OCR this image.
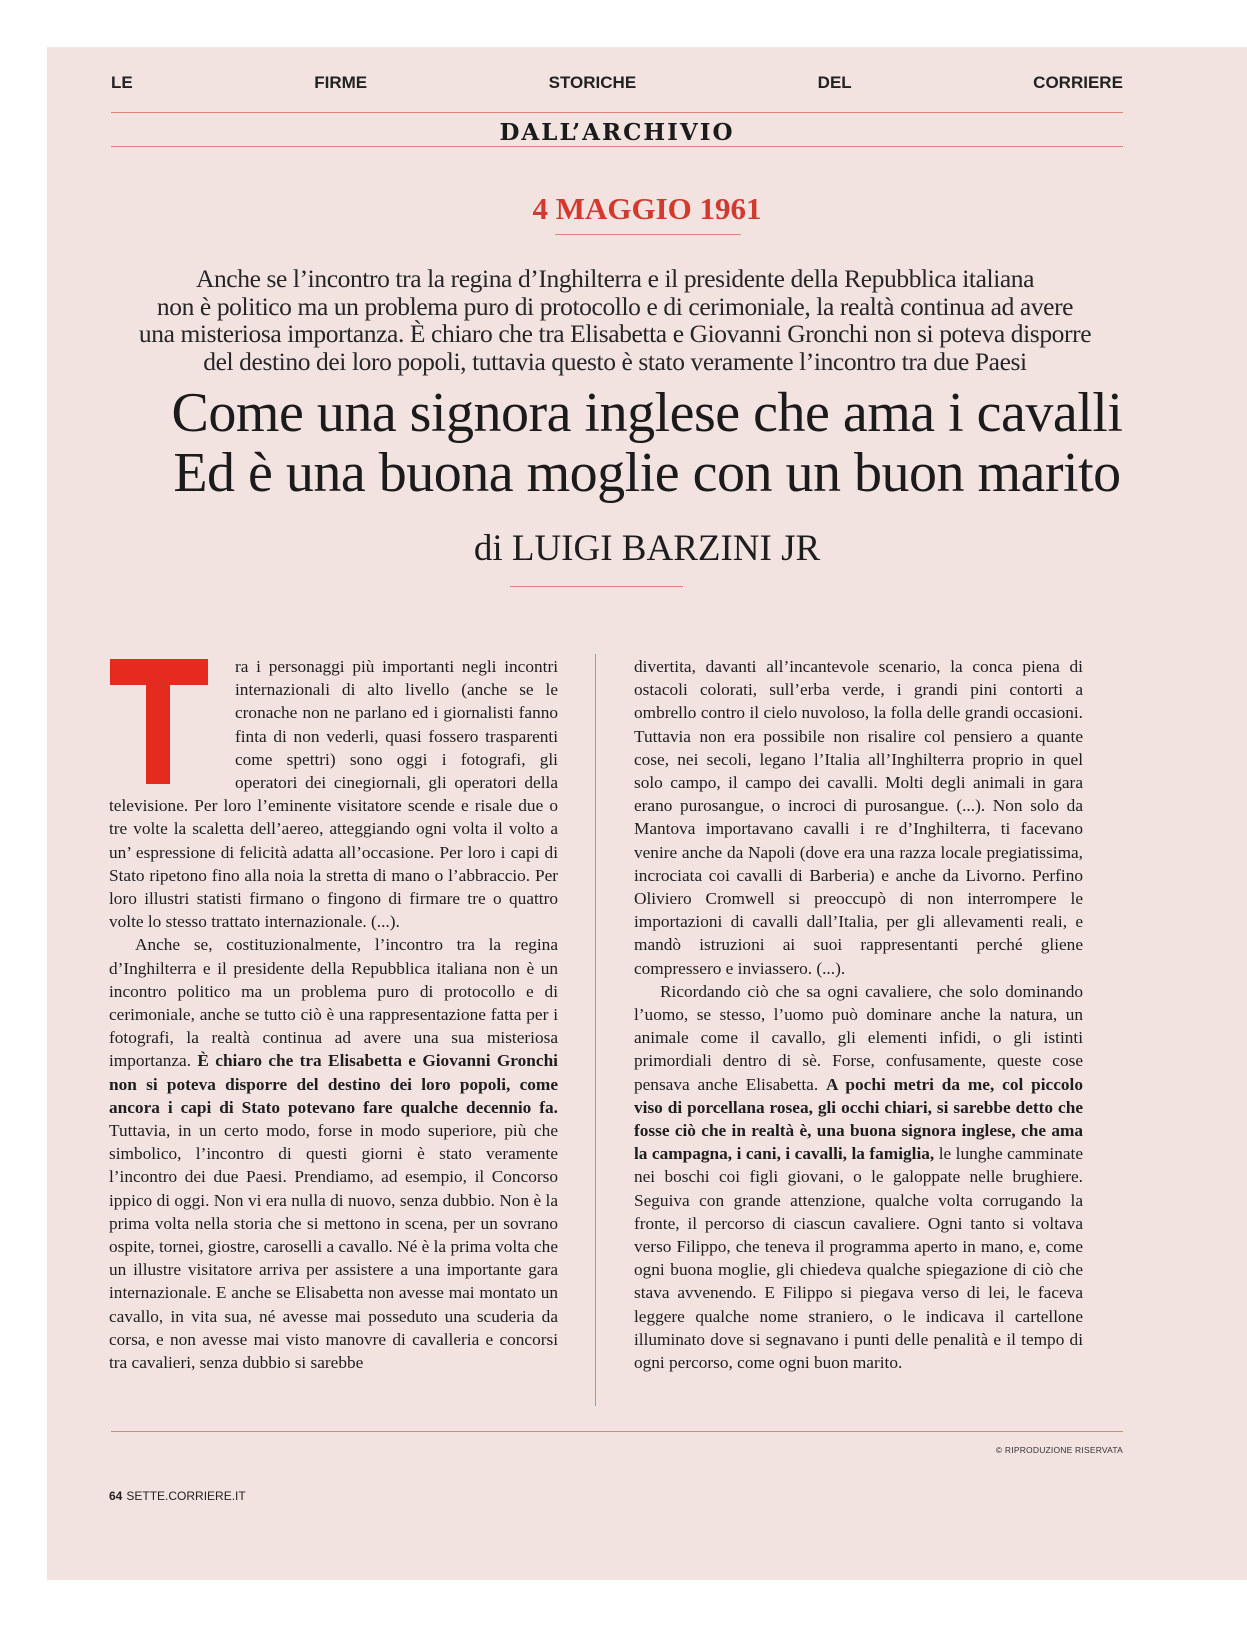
LE	FIRME	STORICHE	DEL	CORRIERE
DALL’ARCHIVIO
4 MAGGIO 1961
Anche se l’incontro tra la regina d’Inghilterra e il presidente della Repubblica italiana
non è politico ma un problema puro di protocollo e di cerimoniale, la realtà continua ad avere
una misteriosa importanza. È chiaro che tra Elisabetta e Giovanni Gronchi non si poteva disporre
del destino dei loro popoli, tuttavia questo è stato veramente l’incontro tra due Paesi
Come una signora inglese che ama i cavalli
Ed è una buona moglie con un buon marito
di LUIGI BARZINI JR

ra i personaggi più importanti negli incontri internazionali di alto livello (anche se le cronache non ne parlano ed i giornalisti fanno finta di non vederli, quasi fossero trasparenti come spettri) sono oggi i fotografi, gli operatori dei cinegiornali, gli operatori della televisione. Per loro l’eminente visitatore scende e risale due o tre volte la scaletta dell’aereo, atteggiando ogni volta il volto a un’ espressione di felicità adatta all’occasione. Per loro i capi di Stato ripetono fino alla noia la stretta di mano o l’abbraccio. Per loro illustri statisti firmano o fingono di firmare tre o quattro volte lo stesso trattato internazionale. (...).

Anche se, costituzionalmente, l’incontro tra la regina d’Inghilterra e il presidente della Repubblica italiana non è un incontro politico ma un problema puro di protocollo e di cerimoniale, anche se tutto ciò è una rappresentazione fatta per i fotografi, la realtà continua ad avere una sua misteriosa importanza. È chiaro che tra Elisabetta e Giovanni Gronchi non si poteva disporre del destino dei loro popoli, come ancora i capi di Stato potevano fare qualche decennio fa. Tuttavia, in un certo modo, forse in modo superiore, più che simbolico, l’incontro di questi giorni è stato veramente l’incontro dei due Paesi. Prendiamo, ad esempio, il Concorso ippico di oggi. Non vi era nulla di nuovo, senza dubbio. Non è la prima volta nella storia che si mettono in scena, per un sovrano ospite, tornei, giostre, caroselli a cavallo. Né è la prima volta che un illustre visitatore arriva per assistere a una importante gara internazionale. E anche se Elisabetta non avesse mai montato un cavallo, in vita sua, né avesse mai posseduto una scuderia da corsa, e non avesse mai visto manovre di cavalleria e concorsi tra cavalieri, senza dubbio si sarebbe

divertita, davanti all’incantevole scenario, la conca piena di ostacoli colorati, sull’erba verde, i grandi pini contorti a ombrello contro il cielo nuvoloso, la folla delle grandi occasioni. Tuttavia non era possibile non risalire col pensiero a quante cose, nei secoli, legano l’Italia all’Inghilterra proprio in quel solo campo, il campo dei cavalli. Molti degli animali in gara erano purosangue, o incroci di purosangue. (...). Non solo da Mantova importavano cavalli i re d’Inghilterra, ti facevano venire anche da Napoli (dove era una razza locale pregiatissima, incrociata coi cavalli di Barberia) e anche da Livorno. Perfino Oliviero Cromwell si preoccupò di non interrompere le importazioni di cavalli dall’Italia, per gli allevamenti reali, e mandò istruzioni ai suoi rappresentanti perché gliene compressero e inviassero. (...).

Ricordando ciò che sa ogni cavaliere, che solo dominando l’uomo, se stesso, l’uomo può dominare anche la natura, un animale come il cavallo, gli elementi infidi, o gli istinti primordiali dentro di sè. Forse, confusamente, queste cose pensava anche Elisabetta. A pochi metri da me, col piccolo viso di porcellana rosea, gli occhi chiari, si sarebbe detto che fosse ciò che in realtà è, una buona signora inglese, che ama la campagna, i cani, i cavalli, la famiglia, le lunghe camminate nei boschi coi figli giovani, o le galoppate nelle brughiere. Seguiva con grande attenzione, qualche volta corrugando la fronte, il percorso di ciascun cavaliere. Ogni tanto si voltava verso Filippo, che teneva il programma aperto in mano, e, come ogni buona moglie, gli chiedeva qualche spiegazione di ciò che stava avvenendo. E Filippo si piegava verso di lei, le faceva leggere qualche nome straniero, o le indicava il cartellone illuminato dove si segnavano i punti delle penalità e il tempo di ogni percorso, come ogni buon marito.

© RIPRODUZIONE RISERVATA
64 SETTE.CORRIERE.IT
